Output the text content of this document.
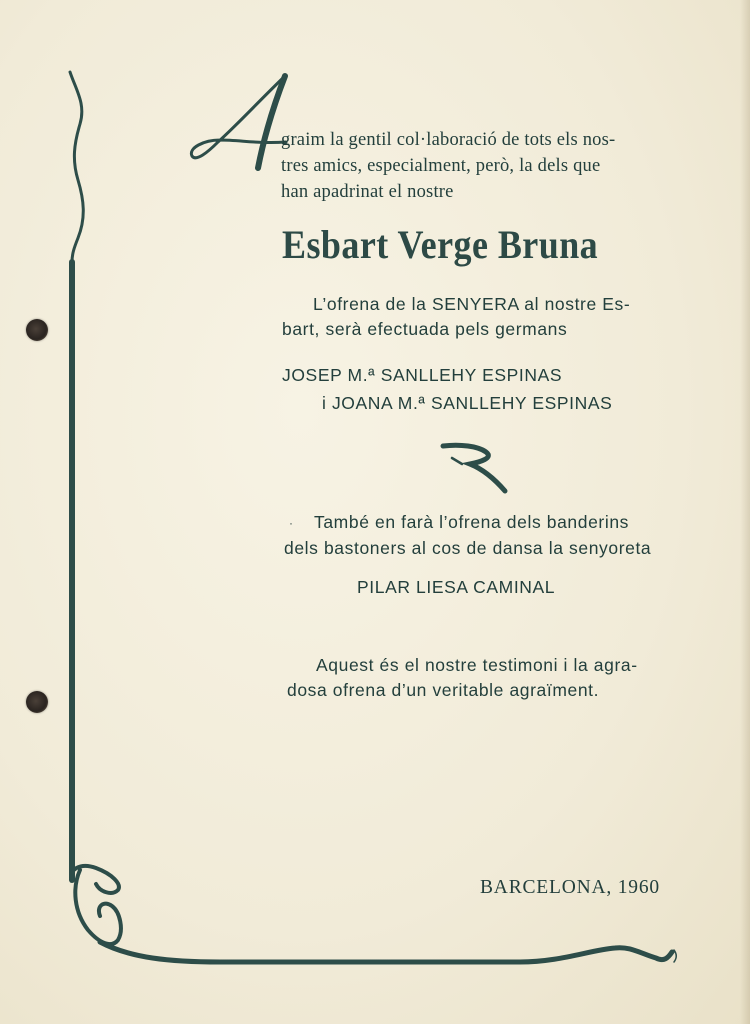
graim la gentil col·laboració de tots els nos-
tres amics, especialment, però, la dels que
han apadrinat el nostre
Esbart Verge Bruna
L’ofrena de la SENYERA al nostre Es-
bart, serà efectuada pels germans
JOSEP M.ª SANLLEHY ESPINAS
i JOANA M.ª SANLLEHY ESPINAS
· També en farà l’ofrena dels banderins
dels bastoners al cos de dansa la senyoreta
PILAR LIESA CAMINAL
Aquest és el nostre testimoni i la agra-
dosa ofrena d’un veritable agraïment.
BARCELONA, 1960
